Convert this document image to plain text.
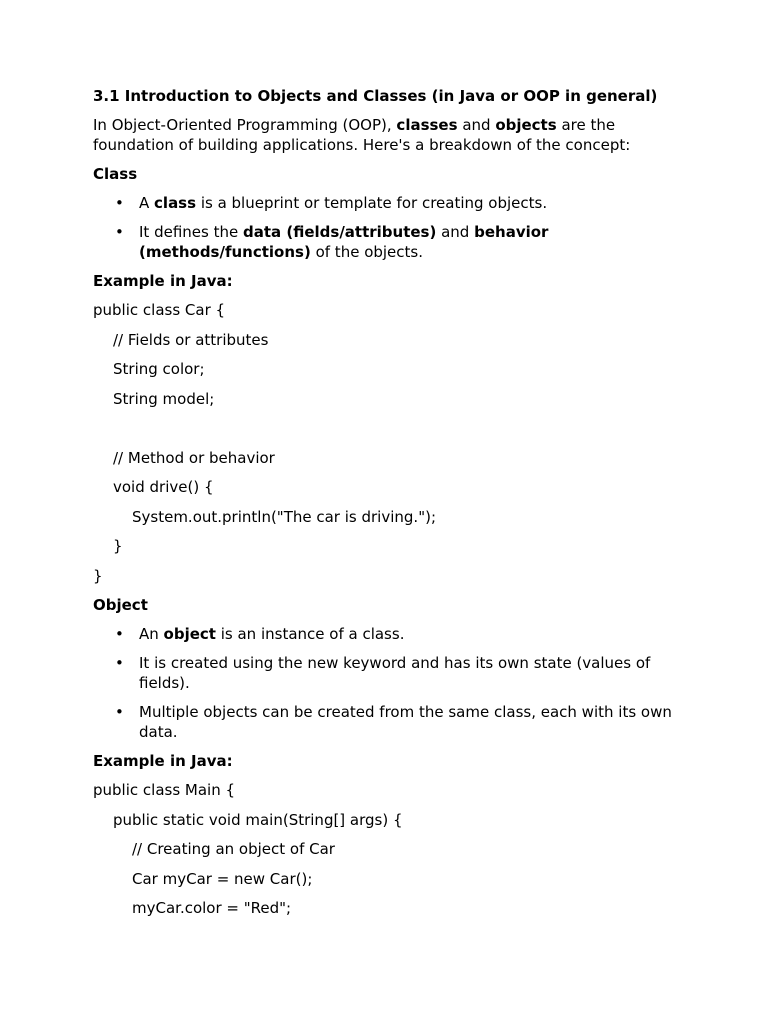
3.1 Introduction to Objects and Classes (in Java or OOP in general)

In Object-Oriented Programming (OOP), classes and objects are the foundation of building applications. Here's a breakdown of the concept:

Class

• A class is a blueprint or template for creating objects.
• It defines the data (fields/attributes) and behavior (methods/functions) of the objects.

Example in Java:

public class Car {

// Fields or attributes

String color;

String model;

// Method or behavior

void drive() {

System.out.println("The car is driving.");

}

}

Object

• An object is an instance of a class.
• It is created using the new keyword and has its own state (values of fields).
• Multiple objects can be created from the same class, each with its own data.

Example in Java:

public class Main {

public static void main(String[] args) {

// Creating an object of Car

Car myCar = new Car();

myCar.color = "Red";
